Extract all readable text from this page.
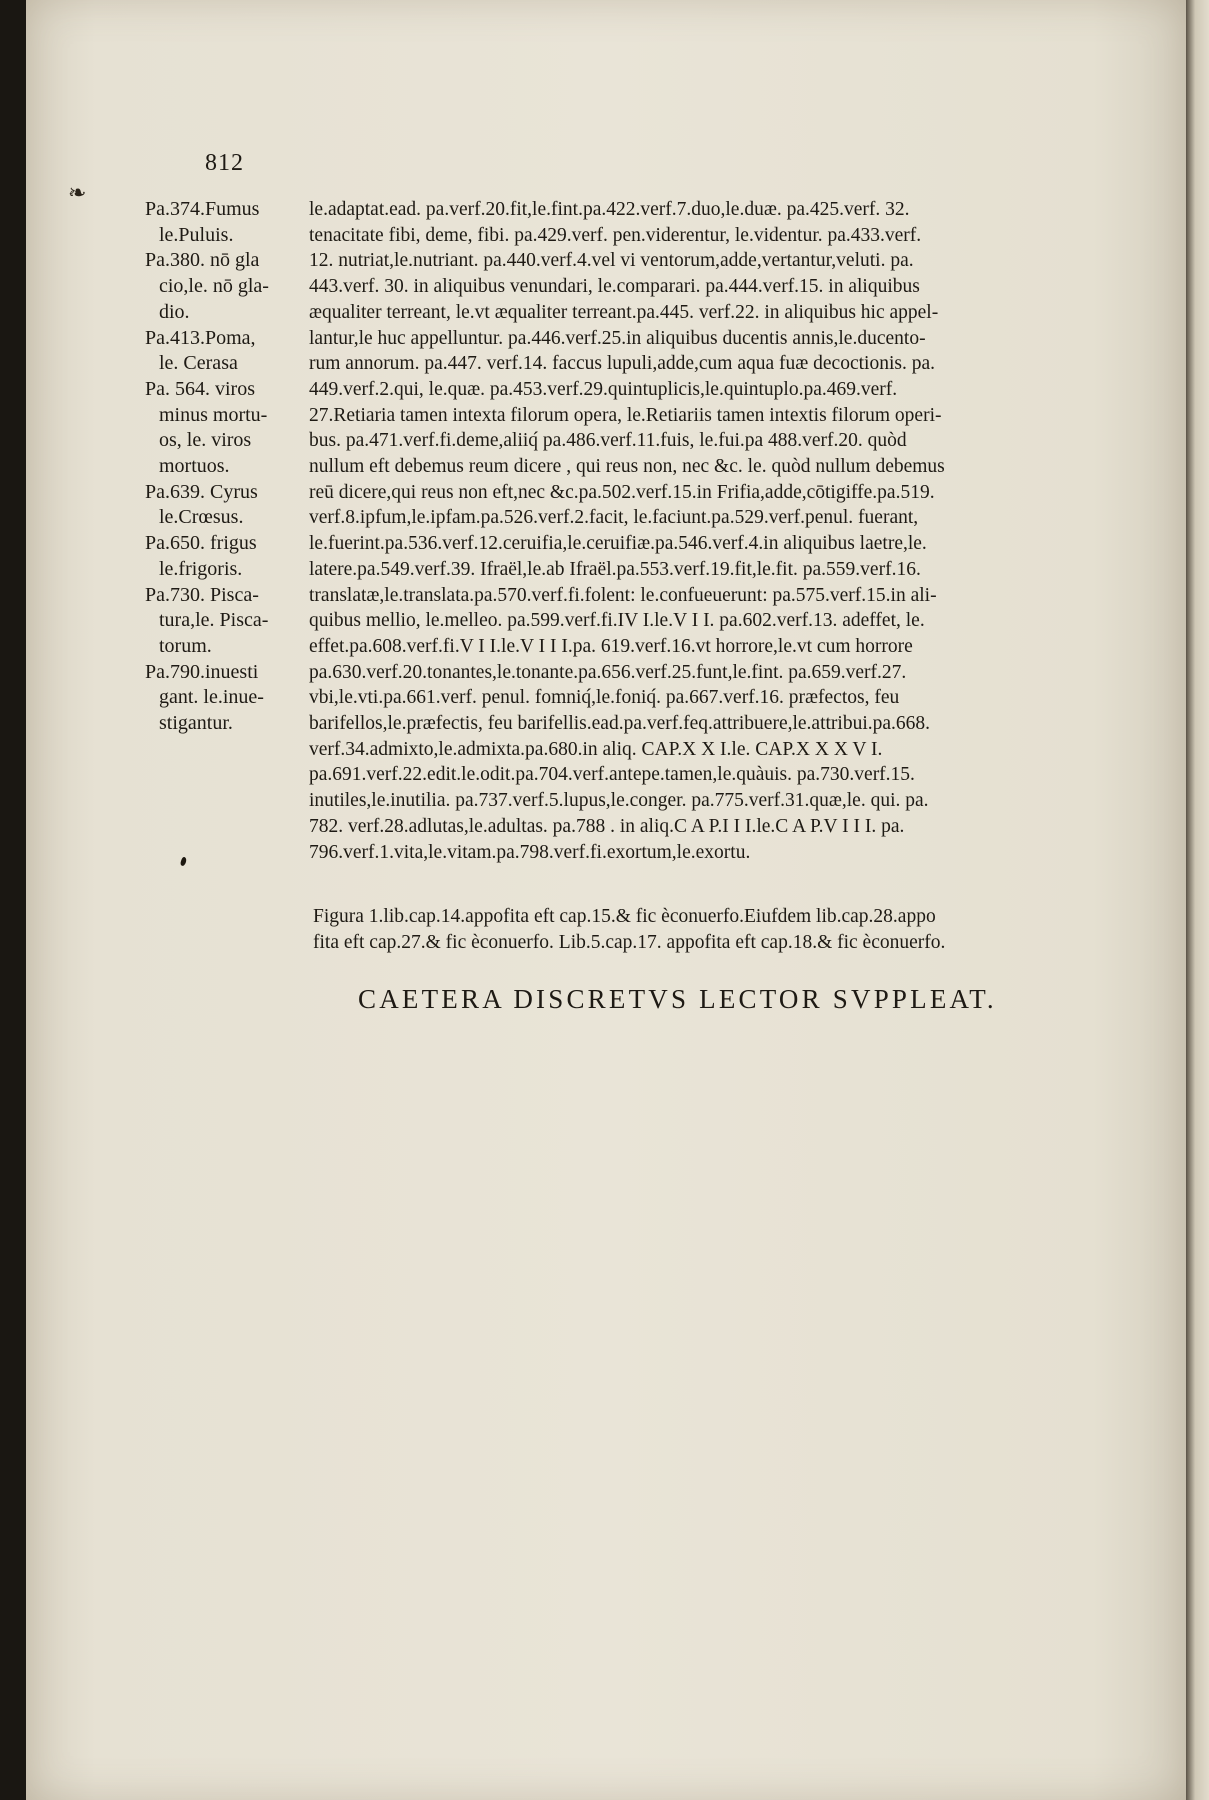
❧
812
Pa.374.Fumus
le.Puluis.
Pa.380. nō gla
cio,le. nō gla-
dio.
Pa.413.Poma,
le. Cerasa
Pa. 564. viros
minus mortu-
os, le. viros
mortuos.
Pa.639. Cyrus
le.Crœsus.
Pa.650. frigus
le.frigoris.
Pa.730. Pisca-
tura,le. Pisca-
torum.
Pa.790.inuesti
gant. le.inue-
stigantur.
le.adaptat.ead. pa.verf.20.fit,le.fint.pa.422.verf.7.duo,le.duæ. pa.425.verf. 32.
tenacitate fibi, deme, fibi. pa.429.verf. pen.viderentur, le.videntur. pa.433.verf.
12. nutriat,le.nutriant. pa.440.verf.4.vel vi ventorum,adde,vertantur,veluti. pa.
443.verf. 30. in aliquibus venundari, le.comparari. pa.444.verf.15. in aliquibus
æqualiter terreant, le.vt æqualiter terreant.pa.445. verf.22. in aliquibus hic appel-
lantur,le huc appelluntur. pa.446.verf.25.in aliquibus ducentis annis,le.ducento-
rum annorum. pa.447. verf.14. faccus lupuli,adde,cum aqua fuæ decoctionis. pa.
449.verf.2.qui, le.quæ. pa.453.verf.29.quintuplicis,le.quintuplo.pa.469.verf.
27.Retiaria tamen intexta filorum opera, le.Retiariis tamen intextis filorum operi-
bus. pa.471.verf.fi.deme,aliiq́ pa.486.verf.11.fuis, le.fui.pa 488.verf.20. quòd
nullum eft debemus reum dicere , qui reus non, nec &c. le. quòd nullum debemus
reū dicere,qui reus non eft,nec &c.pa.502.verf.15.in Frifia,adde,cōtigiffe.pa.519.
verf.8.ipfum,le.ipfam.pa.526.verf.2.facit, le.faciunt.pa.529.verf.penul. fuerant,
le.fuerint.pa.536.verf.12.ceruifia,le.ceruifiæ.pa.546.verf.4.in aliquibus laetre,le.
latere.pa.549.verf.39. Ifraël,le.ab Ifraël.pa.553.verf.19.fit,le.fit. pa.559.verf.16.
translatæ,le.translata.pa.570.verf.fi.folent: le.confueuerunt: pa.575.verf.15.in ali-
quibus mellio, le.melleo. pa.599.verf.fi.IV I.le.V I I. pa.602.verf.13. adeffet, le.
effet.pa.608.verf.fi.V I I.le.V I I I.pa. 619.verf.16.vt horrore,le.vt cum horrore
pa.630.verf.20.tonantes,le.tonante.pa.656.verf.25.funt,le.fint. pa.659.verf.27.
vbi,le.vti.pa.661.verf. penul. fomniq́,le.foniq́. pa.667.verf.16. præfectos, feu
barifellos,le.præfectis, feu barifellis.ead.pa.verf.feq.attribuere,le.attribui.pa.668.
verf.34.admixto,le.admixta.pa.680.in aliq. CAP.X X I.le. CAP.X X X V I.
pa.691.verf.22.edit.le.odit.pa.704.verf.antepe.tamen,le.quàuis. pa.730.verf.15.
inutiles,le.inutilia. pa.737.verf.5.lupus,le.conger. pa.775.verf.31.quæ,le. qui. pa.
782. verf.28.adlutas,le.adultas. pa.788 . in aliq.C A P.I I I.le.C A P.V I I I. pa.
796.verf.1.vita,le.vitam.pa.798.verf.fi.exortum,le.exortu.
Figura 1.lib.cap.14.appofita eft cap.15.& fic èconuerfo.Eiufdem lib.cap.28.appo
fita eft cap.27.& fic èconuerfo. Lib.5.cap.17. appofita eft cap.18.& fic èconuerfo.
CAETERA DISCRETVS LECTOR SVPPLEAT.
